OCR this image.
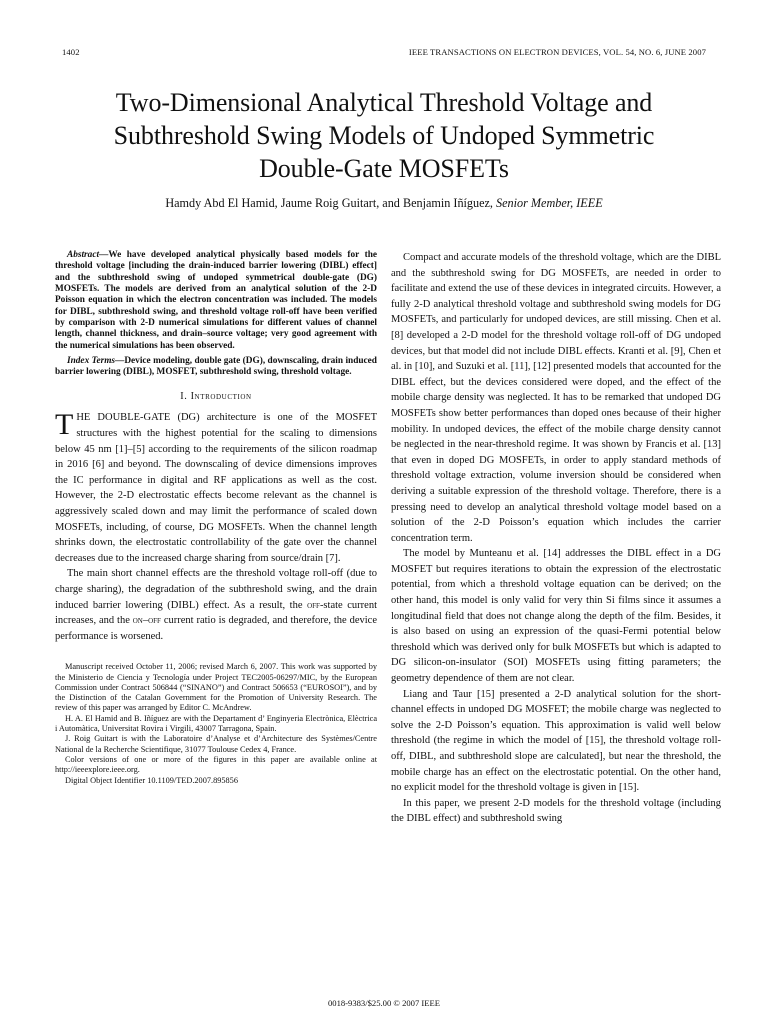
1402	IEEE TRANSACTIONS ON ELECTRON DEVICES, VOL. 54, NO. 6, JUNE 2007
Two-Dimensional Analytical Threshold Voltage and
Subthreshold Swing Models of Undoped Symmetric
Double-Gate MOSFETs
Hamdy Abd El Hamid, Jaume Roig Guitart, and Benjamin Iñíguez, Senior Member, IEEE

Abstract—We have developed analytical physically based models for the threshold voltage [including the drain-induced barrier lowering (DIBL) effect] and the subthreshold swing of undoped symmetrical double-gate (DG) MOSFETs. The models are derived from an analytical solution of the 2-D Poisson equation in which the electron concentration was included. The models for DIBL, subthreshold swing, and threshold voltage roll-off have been verified by comparison with 2-D numerical simulations for different values of channel length, channel thickness, and drain–source voltage; very good agreement with the numerical simulations has been observed.

Index Terms—Device modeling, double gate (DG), downscaling, drain induced barrier lowering (DIBL), MOSFET, subthreshold swing, threshold voltage.

I. Introduction

THE DOUBLE-GATE (DG) architecture is one of the MOSFET structures with the highest potential for the scaling to dimensions below 45 nm [1]–[5] according to the requirements of the silicon roadmap in 2016 [6] and beyond. The downscaling of device dimensions improves the IC performance in digital and RF applications as well as the cost. However, the 2-D electrostatic effects become relevant as the channel is aggressively scaled down and may limit the performance of scaled down MOSFETs, including, of course, DG MOSFETs. When the channel length shrinks down, the electrostatic controllability of the gate over the channel decreases due to the increased charge sharing from source/drain [7].

The main short channel effects are the threshold voltage roll-off (due to charge sharing), the degradation of the subthreshold swing, and the drain induced barrier lowering (DIBL) effect. As a result, the off-state current increases, and the on–off current ratio is degraded, and therefore, the device performance is worsened.

Manuscript received October 11, 2006; revised March 6, 2007. This work was supported by the Ministerio de Ciencia y Tecnología under Project TEC2005-06297/MIC, by the European Commission under Contract 506844 (“SINANO”) and Contract 506653 (“EUROSOI”), and by the Distinction of the Catalan Government for the Promotion of University Research. The review of this paper was arranged by Editor C. McAndrew.

H. A. El Hamid and B. Iñíguez are with the Departament d’ Enginyeria Electrònica, Elèctrica i Automàtica, Universitat Rovira i Virgili, 43007 Tarragona, Spain.

J. Roig Guitart is with the Laboratoire d’Analyse et d’Architecture des Systèmes/Centre National de la Recherche Scientifique, 31077 Toulouse Cedex 4, France.

Color versions of one or more of the figures in this paper are available online at http://ieeexplore.ieee.org.

Digital Object Identifier 10.1109/TED.2007.895856

Compact and accurate models of the threshold voltage, which are the DIBL and the subthreshold swing for DG MOSFETs, are needed in order to facilitate and extend the use of these devices in integrated circuits. However, a fully 2-D analytical threshold voltage and subthreshold swing models for DG MOSFETs, and particularly for undoped devices, are still missing. Chen et al. [8] developed a 2-D model for the threshold voltage roll-off of DG undoped devices, but that model did not include DIBL effects. Kranti et al. [9], Chen et al. in [10], and Suzuki et al. [11], [12] presented models that accounted for the DIBL effect, but the devices considered were doped, and the effect of the mobile charge density was neglected. It has to be remarked that undoped DG MOSFETs show better performances than doped ones because of their higher mobility. In undoped devices, the effect of the mobile charge density cannot be neglected in the near-threshold regime. It was shown by Francis et al. [13] that even in doped DG MOSFETs, in order to apply standard methods of threshold voltage extraction, volume inversion should be considered when deriving a suitable expression of the threshold voltage. Therefore, there is a pressing need to develop an analytical threshold voltage model based on a solution of the 2-D Poisson’s equation which includes the carrier concentration term.

The model by Munteanu et al. [14] addresses the DIBL effect in a DG MOSFET but requires iterations to obtain the expression of the electrostatic potential, from which a threshold voltage equation can be derived; on the other hand, this model is only valid for very thin Si films since it assumes a longitudinal field that does not change along the depth of the film. Besides, it is also based on using an expression of the quasi-Fermi potential below threshold which was derived only for bulk MOSFETs but which is adapted to DG silicon-on-insulator (SOI) MOSFETs using fitting parameters; the geometry dependence of them are not clear.

Liang and Taur [15] presented a 2-D analytical solution for the short-channel effects in undoped DG MOSFET; the mobile charge was neglected to solve the 2-D Poisson’s equation. This approximation is valid well below threshold (the regime in which the model of [15], the threshold voltage roll-off, DIBL, and subthreshold slope are calculated], but near the threshold, the mobile charge has an effect on the electrostatic potential. On the other hand, no explicit model for the threshold voltage is given in [15].

In this paper, we present 2-D models for the threshold voltage (including the DIBL effect) and subthreshold swing

0018-9383/$25.00 © 2007 IEEE
